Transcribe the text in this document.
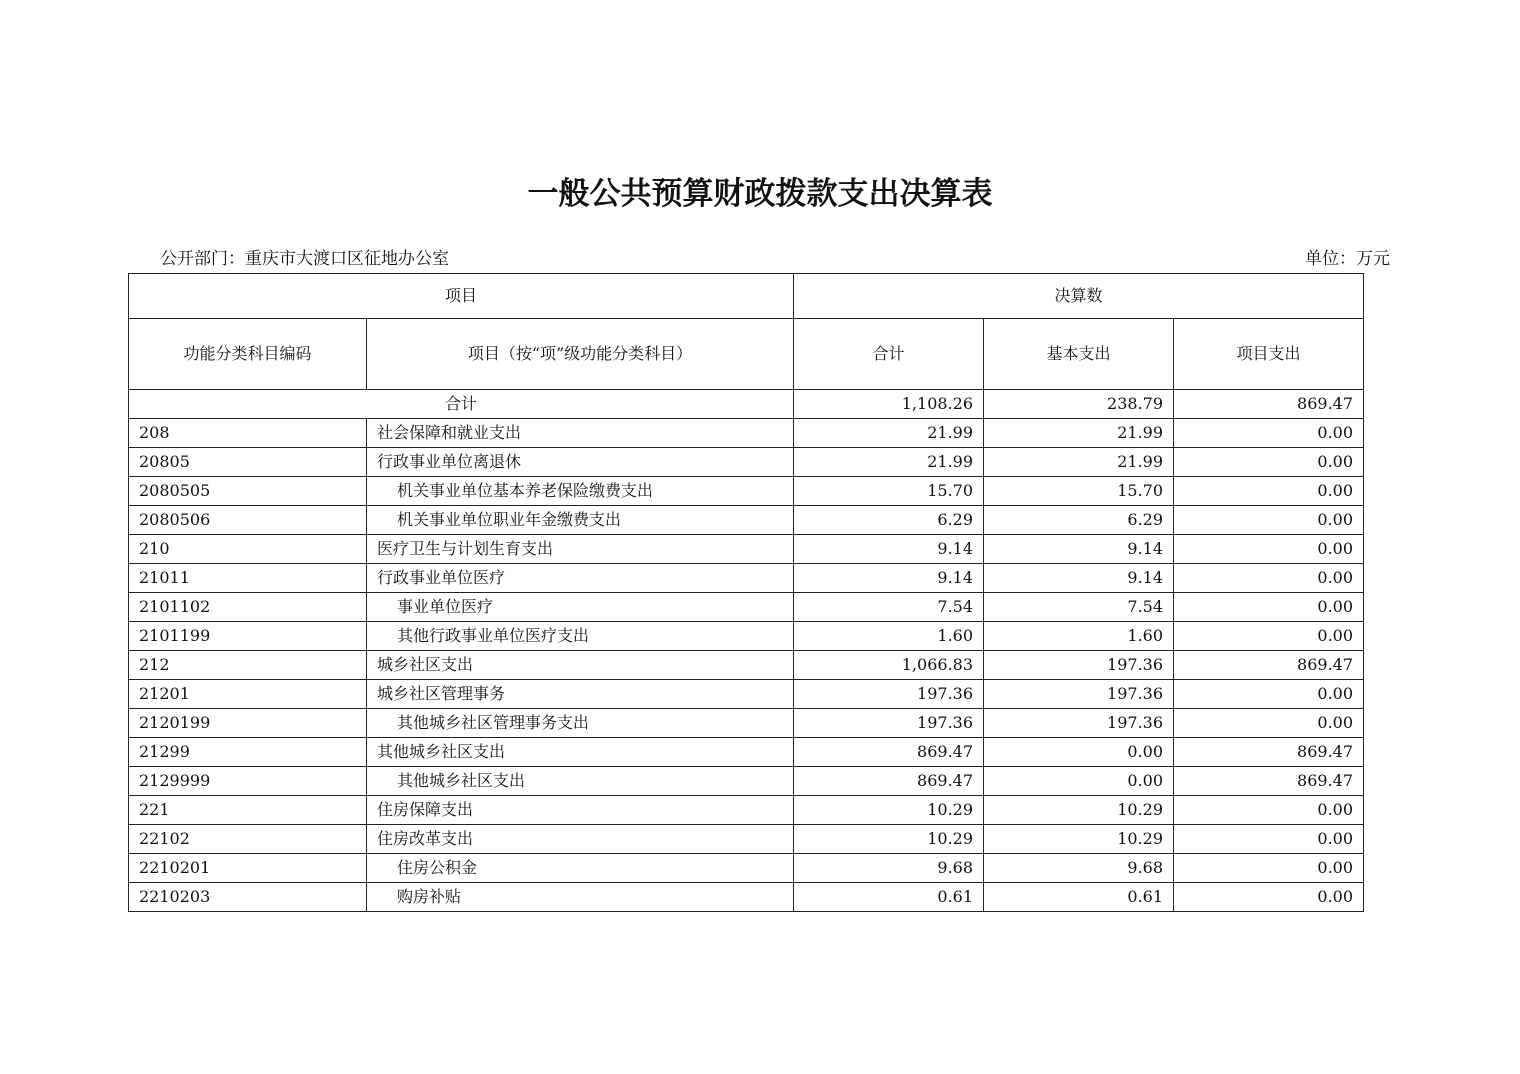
一般公共预算财政拨款支出决算表
公开部门：重庆市大渡口区征地办公室	单位：万元
项目		决算数		
功能分类科目编码	项目（按“项”级功能分类科目）	合计	基本支出	项目支出
合计		1,108.26	238.79	869.47
208	社会保障和就业支出	21.99	21.99	0.00
20805	行政事业单位离退休	21.99	21.99	0.00
2080505	机关事业单位基本养老保险缴费支出	15.70	15.70	0.00
2080506	机关事业单位职业年金缴费支出	6.29	6.29	0.00
210	医疗卫生与计划生育支出	9.14	9.14	0.00
21011	行政事业单位医疗	9.14	9.14	0.00
2101102	事业单位医疗	7.54	7.54	0.00
2101199	其他行政事业单位医疗支出	1.60	1.60	0.00
212	城乡社区支出	1,066.83	197.36	869.47
21201	城乡社区管理事务	197.36	197.36	0.00
2120199	其他城乡社区管理事务支出	197.36	197.36	0.00
21299	其他城乡社区支出	869.47	0.00	869.47
2129999	其他城乡社区支出	869.47	0.00	869.47
221	住房保障支出	10.29	10.29	0.00
22102	住房改革支出	10.29	10.29	0.00
2210201	住房公积金	9.68	9.68	0.00
2210203	购房补贴	0.61	0.61	0.00
